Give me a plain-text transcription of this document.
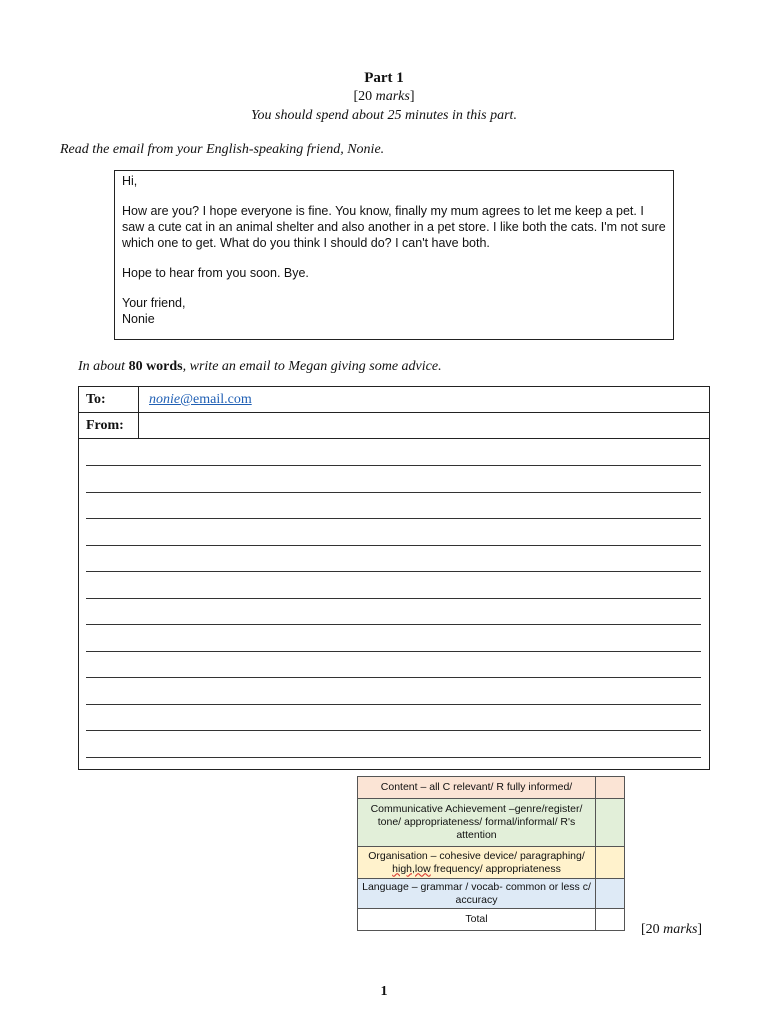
Part 1
[20 marks]
You should spend about 25 minutes in this part.
Read the email from your English-speaking friend, Nonie.

Hi,

How are you? I hope everyone is fine. You know, finally my mum agrees to let me keep a pet. I saw a cute cat in an animal shelter and also another in a pet store. I like both the cats. I'm not sure which one to get. What do you think I should do? I can't have both.

Hope to hear from you soon. Bye.

Your friend,

Nonie

In about 80 words, write an email to Megan giving some advice.
To:	nonie@email.com
From:
Content – all C relevant/ R fully informed/	
Communicative Achievement –genre/register/ tone/ appropriateness/ formal/informal/ R's attention	
Organisation – cohesive device/ paragraphing/ high,low frequency/ appropriateness	
Language – grammar / vocab- common or less c/ accuracy	
Total	
[20 marks]
1
